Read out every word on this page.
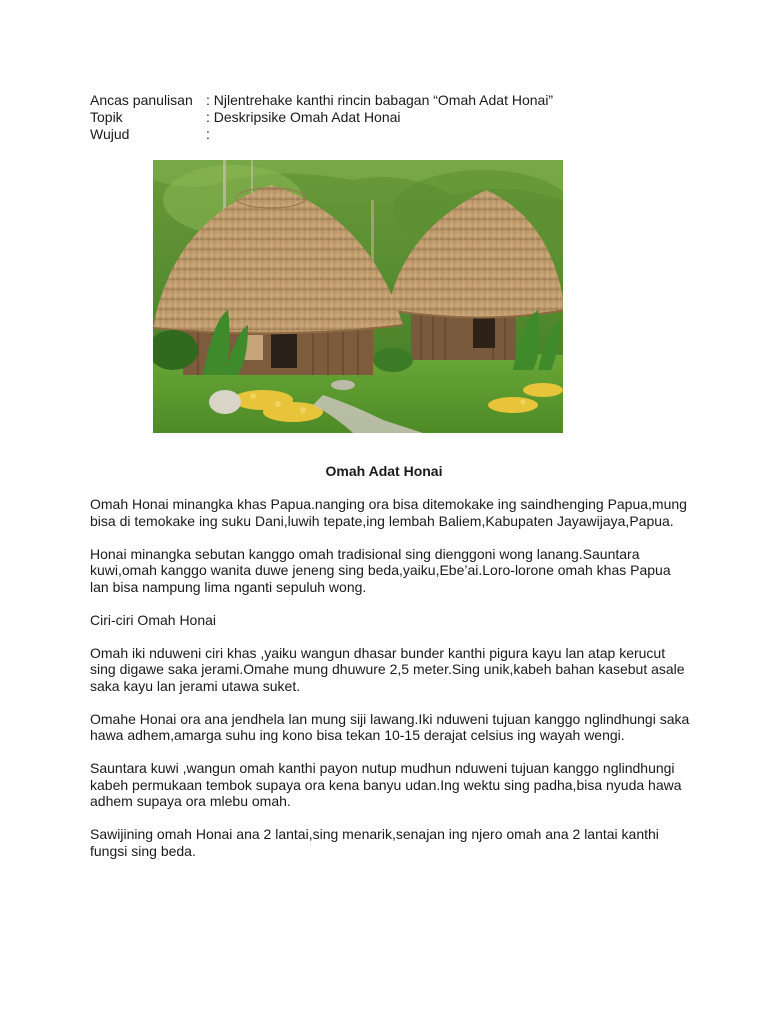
Ancas panulisan : Njlentrehake kanthi rincin babagan “Omah Adat Honai”
Topik	: Deskripsike Omah Adat Honai
Wujud	:
Omah Adat Honai

Omah Honai minangka khas Papua.nanging ora bisa ditemokake ing saindhenging Papua,mung bisa di temokake ing suku Dani,luwih tepate,ing lembah Baliem,Kabupaten Jayawijaya,Papua.

Honai minangka sebutan kanggo omah tradisional sing dienggoni wong lanang.Sauntara kuwi,omah kanggo wanita duwe jeneng sing beda,yaiku,Ebe’ai.Loro-lorone omah khas Papua lan bisa nampung lima nganti sepuluh wong.

Ciri-ciri Omah Honai

Omah iki nduweni ciri khas ,yaiku wangun dhasar bunder kanthi pigura kayu lan atap kerucut sing digawe saka jerami.Omahe mung dhuwure 2,5 meter.Sing unik,kabeh bahan kasebut asale saka kayu lan jerami utawa suket.

Omahe Honai ora ana jendhela lan mung siji lawang.Iki nduweni tujuan kanggo nglindhungi saka hawa adhem,amarga suhu ing kono bisa tekan 10-15 derajat celsius ing wayah wengi.

Sauntara kuwi ,wangun omah kanthi payon nutup mudhun nduweni tujuan kanggo nglindhungi kabeh permukaan tembok supaya ora kena banyu udan.Ing wektu sing padha,bisa nyuda hawa adhem supaya ora mlebu omah.

Sawijining omah Honai ana 2 lantai,sing menarik,senajan ing njero omah ana 2 lantai kanthi fungsi sing beda.
